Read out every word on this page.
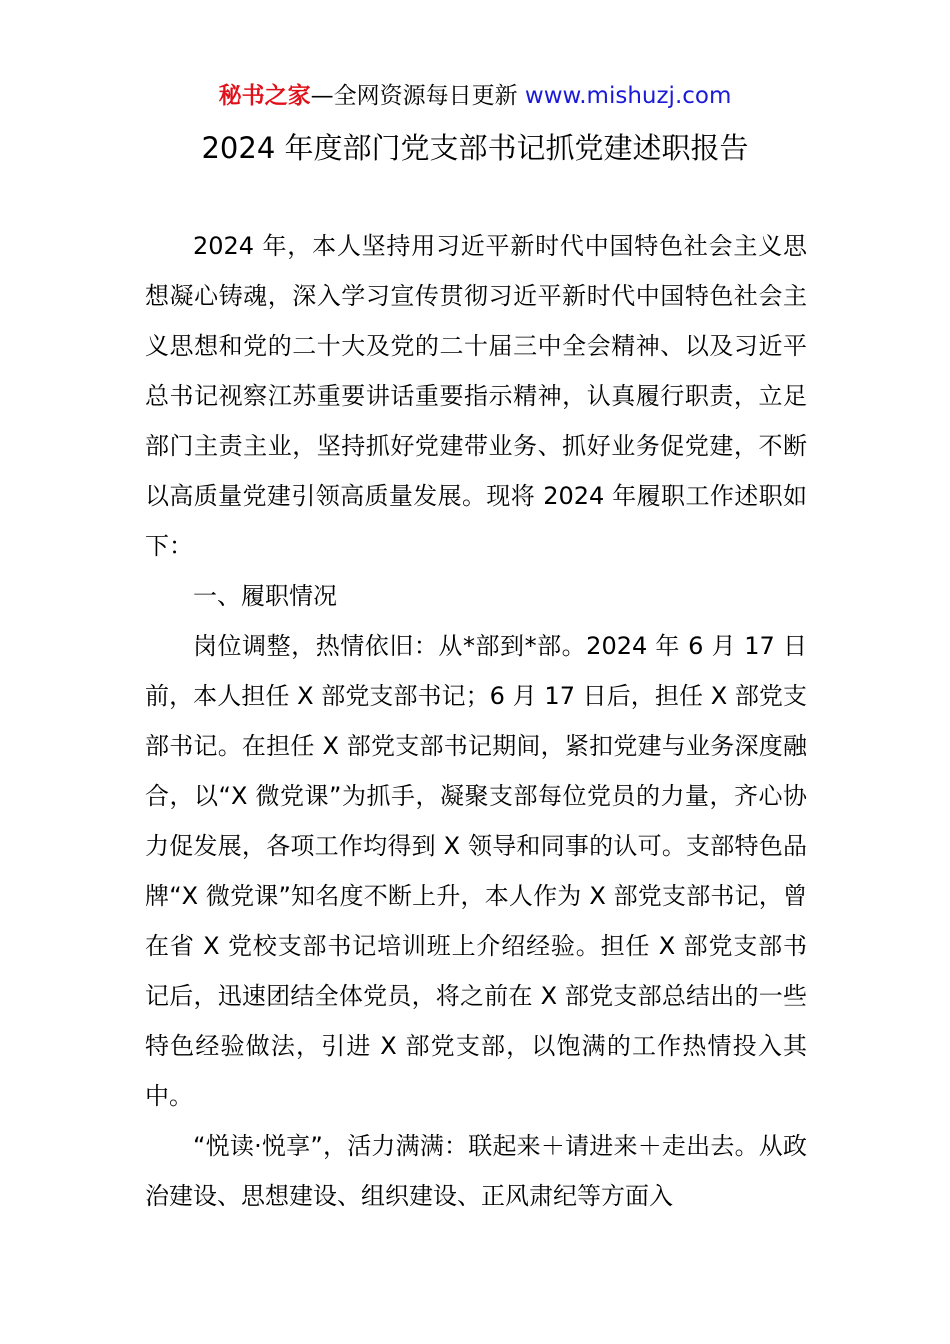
秘书之家—全网资源每日更新 www.mishuzj.com
2024 年度部门党支部书记抓党建述职报告

2024 年，本人坚持用习近平新时代中国特色社会主义思想凝心铸魂，深入学习宣传贯彻习近平新时代中国特色社会主义思想和党的二十大及党的二十届三中全会精神、以及习近平总书记视察江苏重要讲话重要指示精神，认真履行职责，立足部门主责主业，坚持抓好党建带业务、抓好业务促党建，不断以高质量党建引领高质量发展。现将 2024 年履职工作述职如下：

一、履职情况

岗位调整，热情依旧：从*部到*部。2024 年 6 月 17 日前，本人担任 X 部党支部书记；6 月 17 日后，担任 X 部党支部书记。在担任 X 部党支部书记期间，紧扣党建与业务深度融合，以“X 微党课”为抓手，凝聚支部每位党员的力量，齐心协力促发展，各项工作均得到 X 领导和同事的认可。支部特色品牌“X 微党课”知名度不断上升，本人作为 X 部党支部书记，曾在省 X 党校支部书记培训班上介绍经验。担任 X 部党支部书记后，迅速团结全体党员，将之前在 X 部党支部总结出的一些特色经验做法，引进 X 部党支部，以饱满的工作热情投入其中。

“悦读·悦享”，活力满满：联起来＋请进来＋走出去。从政治建设、思想建设、组织建设、正风肃纪等方面入
